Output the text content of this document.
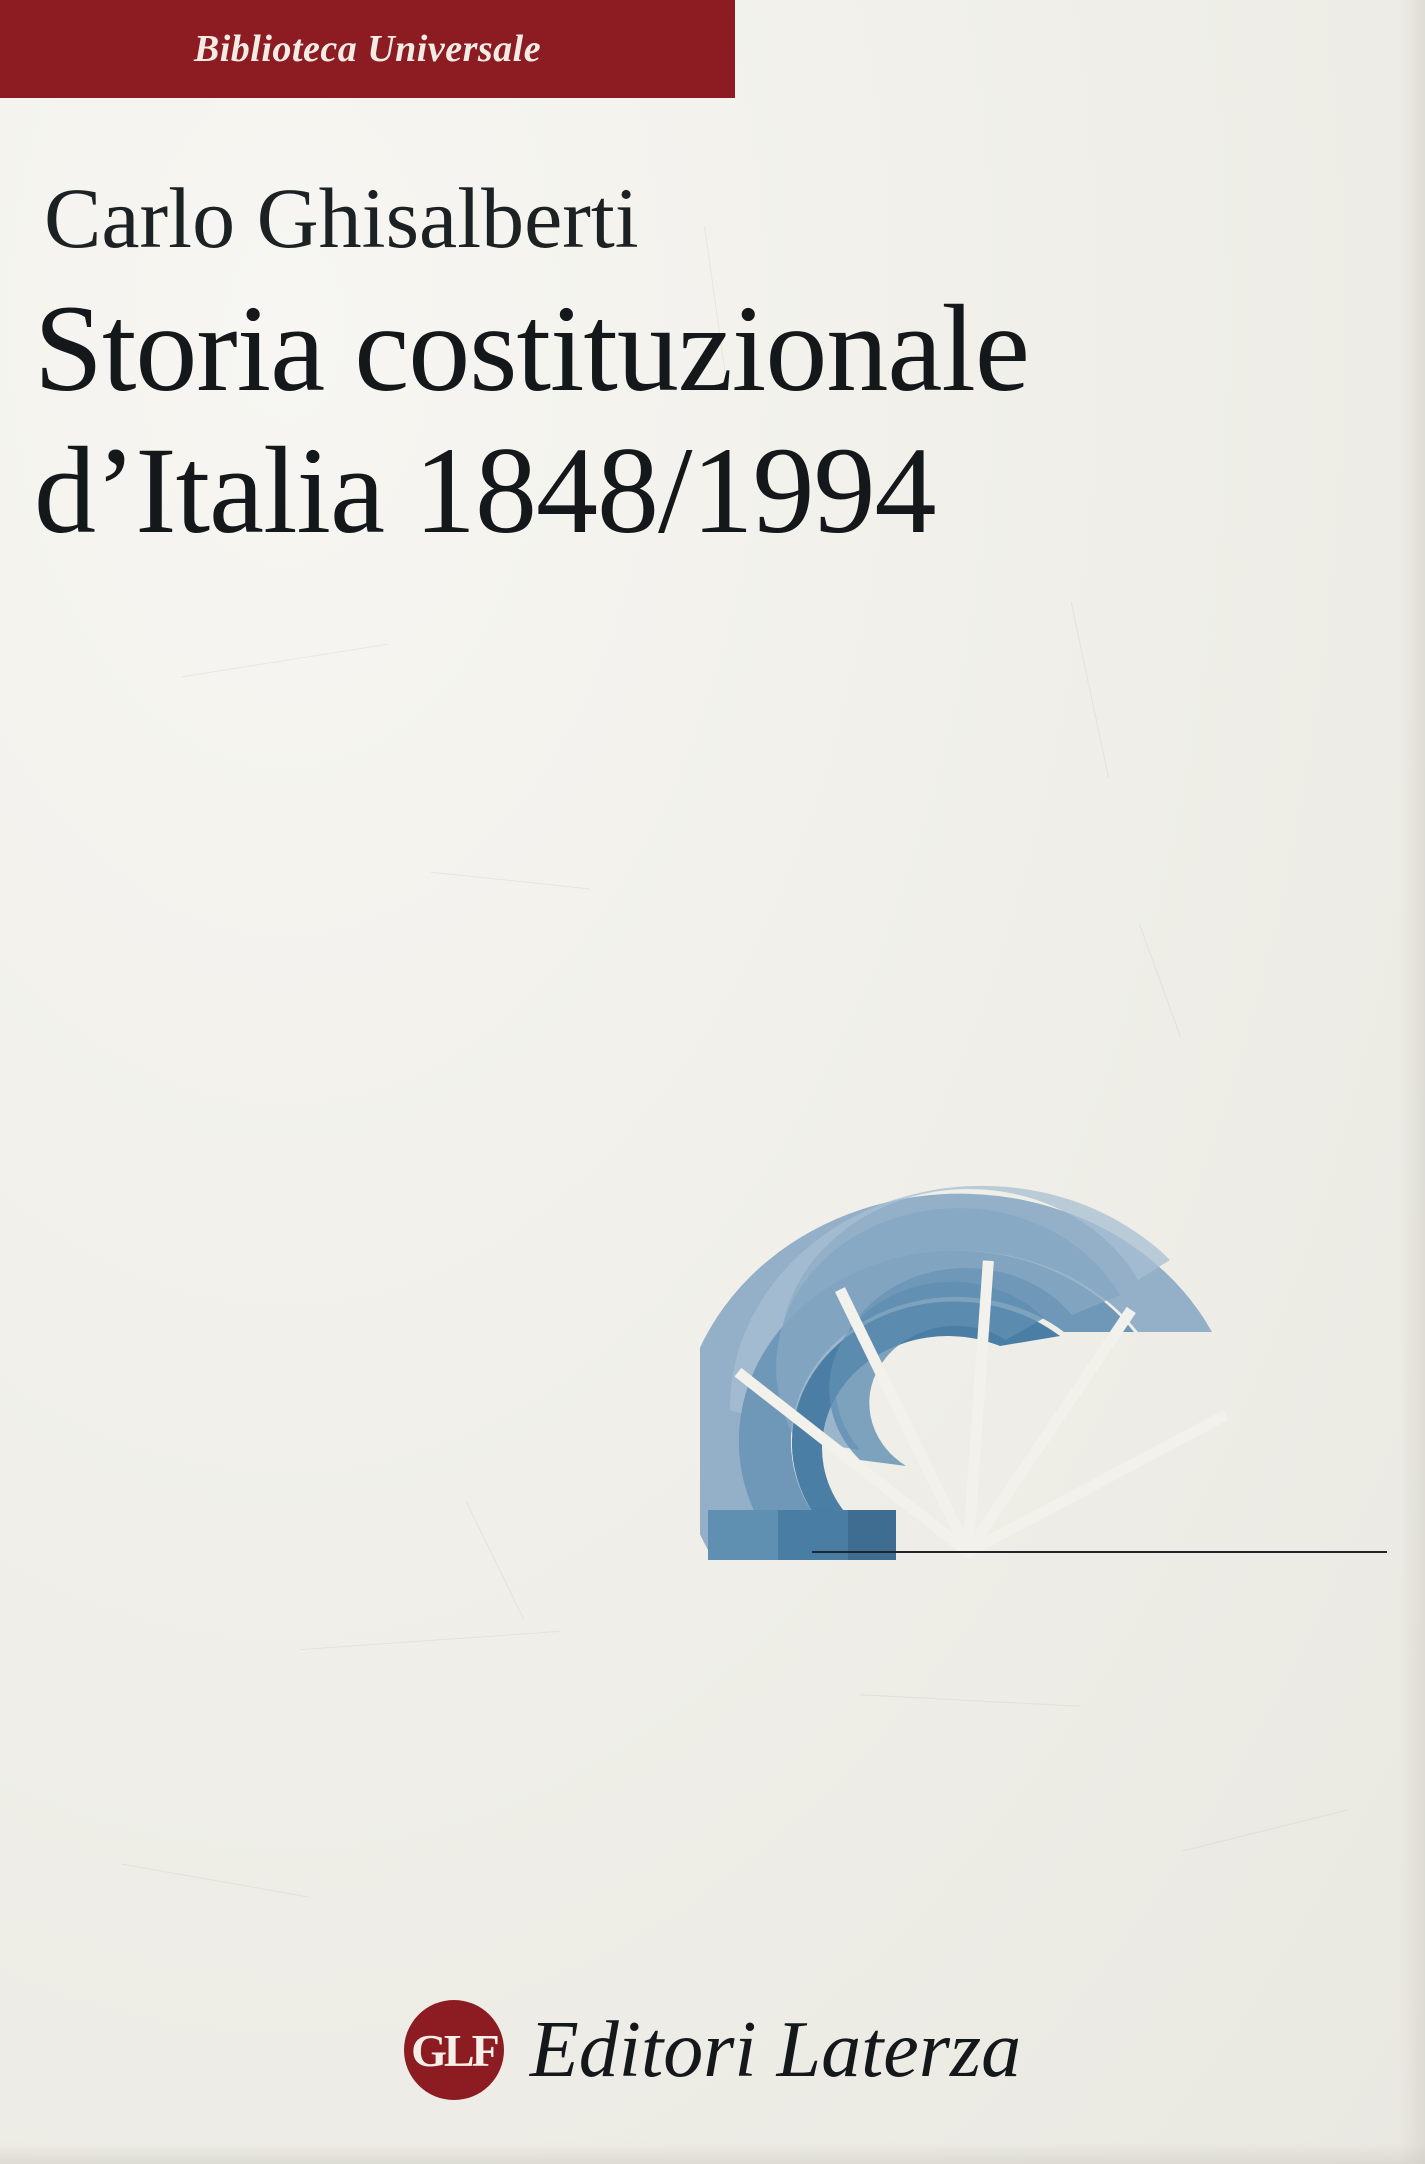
Biblioteca Universale
Carlo Ghisalberti
Storia costituzionale
d’Italia 1848/1994
GLF Editori Laterza
